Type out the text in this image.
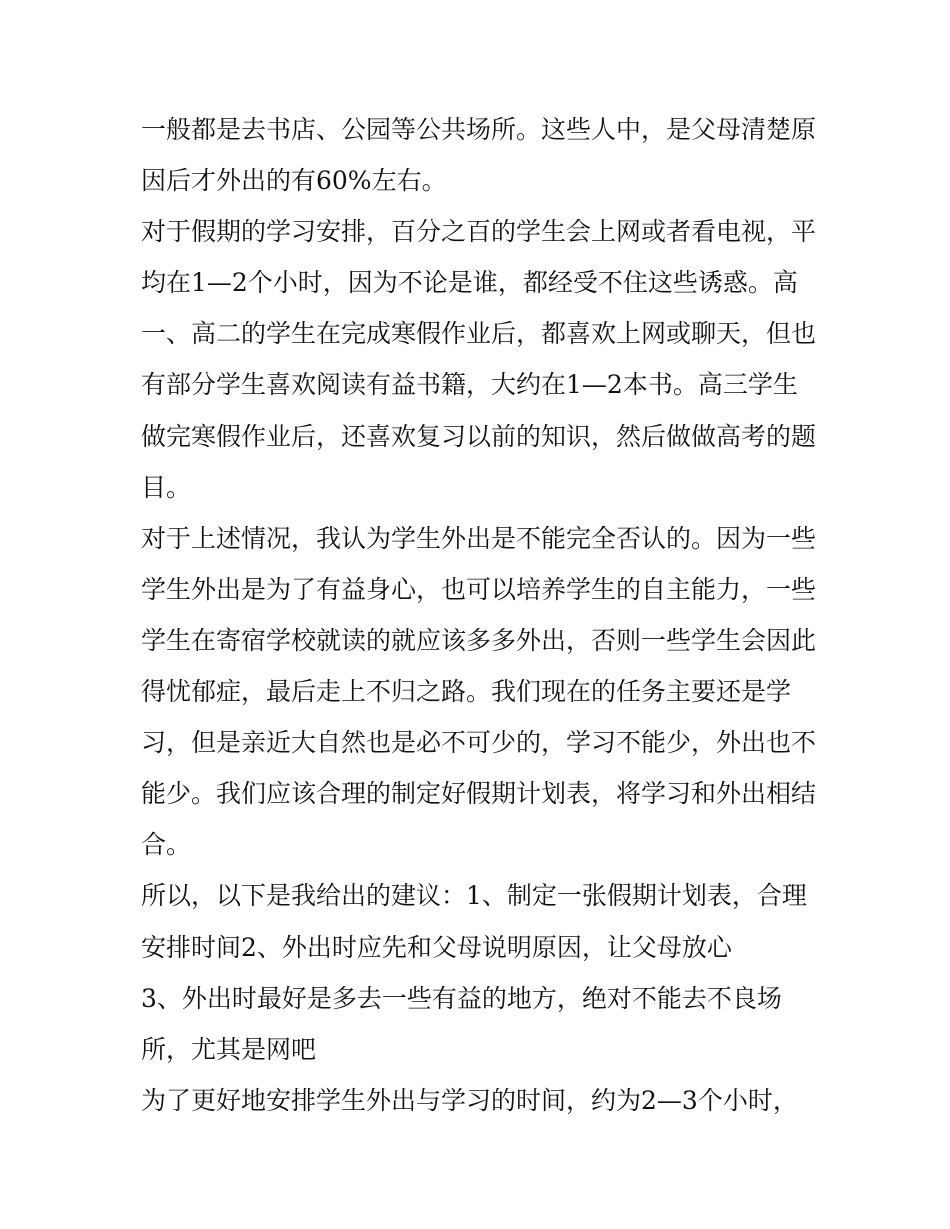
一般都是去书店、公园等公共场所。这些人中，是父母清楚原
因后才外出的有60%左右。
对于假期的学习安排，百分之百的学生会上网或者看电视，平
均在1—2个小时，因为不论是谁，都经受不住这些诱惑。高
一、高二的学生在完成寒假作业后，都喜欢上网或聊天，但也
有部分学生喜欢阅读有益书籍，大约在1—2本书。高三学生
做完寒假作业后，还喜欢复习以前的知识，然后做做高考的题
目。
对于上述情况，我认为学生外出是不能完全否认的。因为一些
学生外出是为了有益身心，也可以培养学生的自主能力，一些
学生在寄宿学校就读的就应该多多外出，否则一些学生会因此
得忧郁症，最后走上不归之路。我们现在的任务主要还是学
习，但是亲近大自然也是必不可少的，学习不能少，外出也不
能少。我们应该合理的制定好假期计划表，将学习和外出相结
合。
所以，以下是我给出的建议：1、制定一张假期计划表，合理
安排时间2、外出时应先和父母说明原因，让父母放心
3、外出时最好是多去一些有益的地方，绝对不能去不良场
所，尤其是网吧
为了更好地安排学生外出与学习的时间，约为2—3个小时，
